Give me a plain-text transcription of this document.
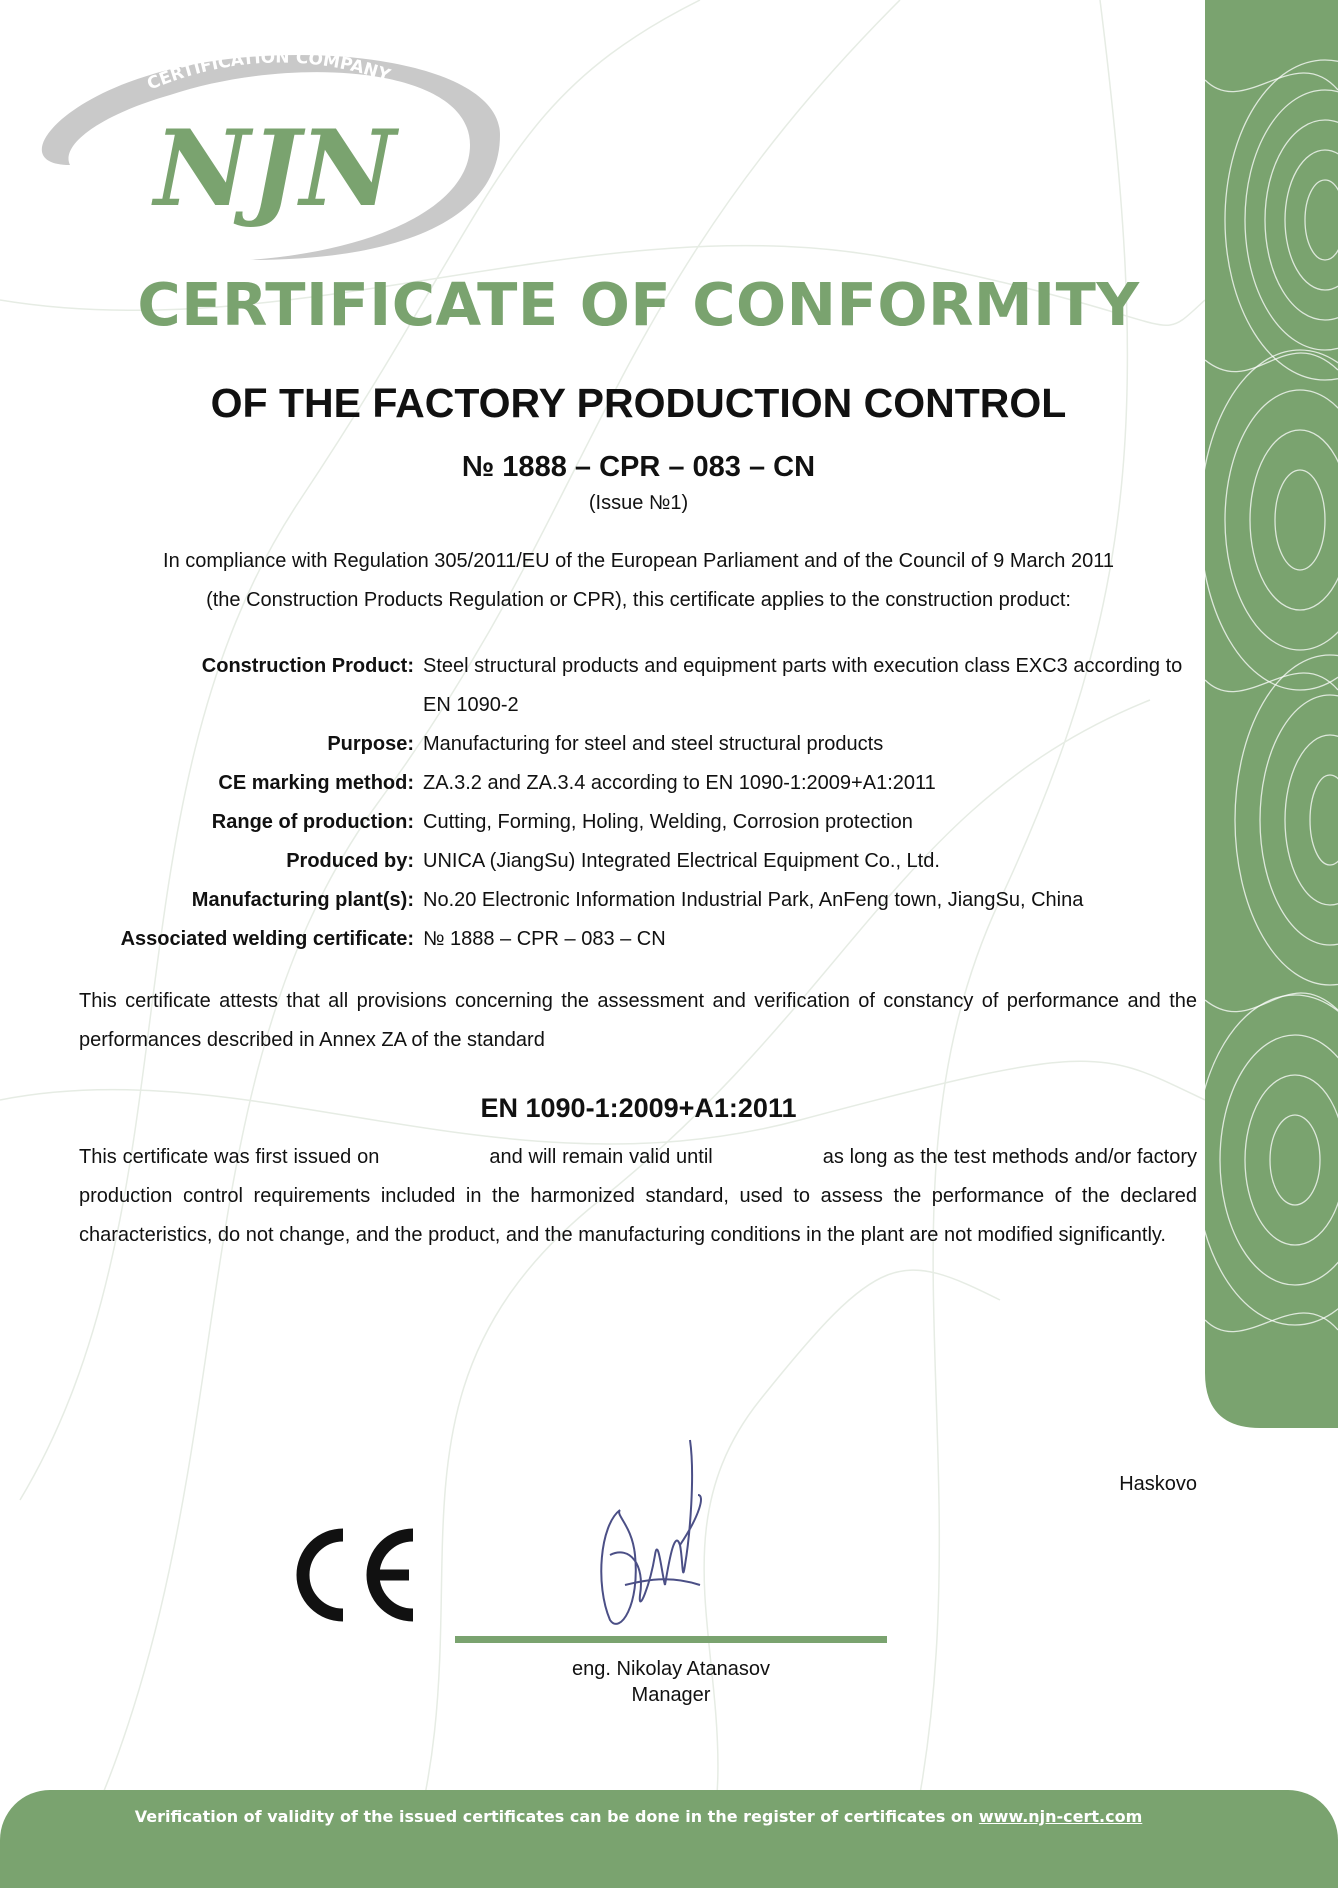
CERTIFICATION COMPANY
NJN
CERTIFICATE OF CONFORMITY
OF THE FACTORY PRODUCTION CONTROL
№ 1888 – CPR – 083 – CN
(Issue №1)
In compliance with Regulation 305/2011/EU of the European Parliament and of the Council of 9 March 2011
(the Construction Products Regulation or CPR), this certificate applies to the construction product:
Construction Product: Steel structural products and equipment parts with execution class EXC3 according to EN 1090-2
Purpose: Manufacturing for steel and steel structural products
CE marking method: ZA.3.2 and ZA.3.4 according to EN 1090-1:2009+A1:2011
Range of production: Cutting, Forming, Holing, Welding, Corrosion protection
Produced by: UNICA (JiangSu) Integrated Electrical Equipment Co., Ltd.
Manufacturing plant(s): No.20 Electronic Information Industrial Park, AnFeng town, JiangSu, China
Associated welding certificate: № 1888 – CPR – 083 – CN

This certificate attests that all provisions concerning the assessment and verification of constancy of performance and the performances described in Annex ZA of the standard

EN 1090-1:2009+A1:2011

This certificate was first issued on	and will remain valid until	as long as the test methods and/or factory production control requirements included in the harmonized standard, used to assess the performance of the declared characteristics, do not change, and the product, and the manufacturing conditions in the plant are not modified significantly.

Haskovo
eng. Nikolay Atanasov
Manager
Verification of validity of the issued certificates can be done in the register of certificates on www.njn-cert.com
